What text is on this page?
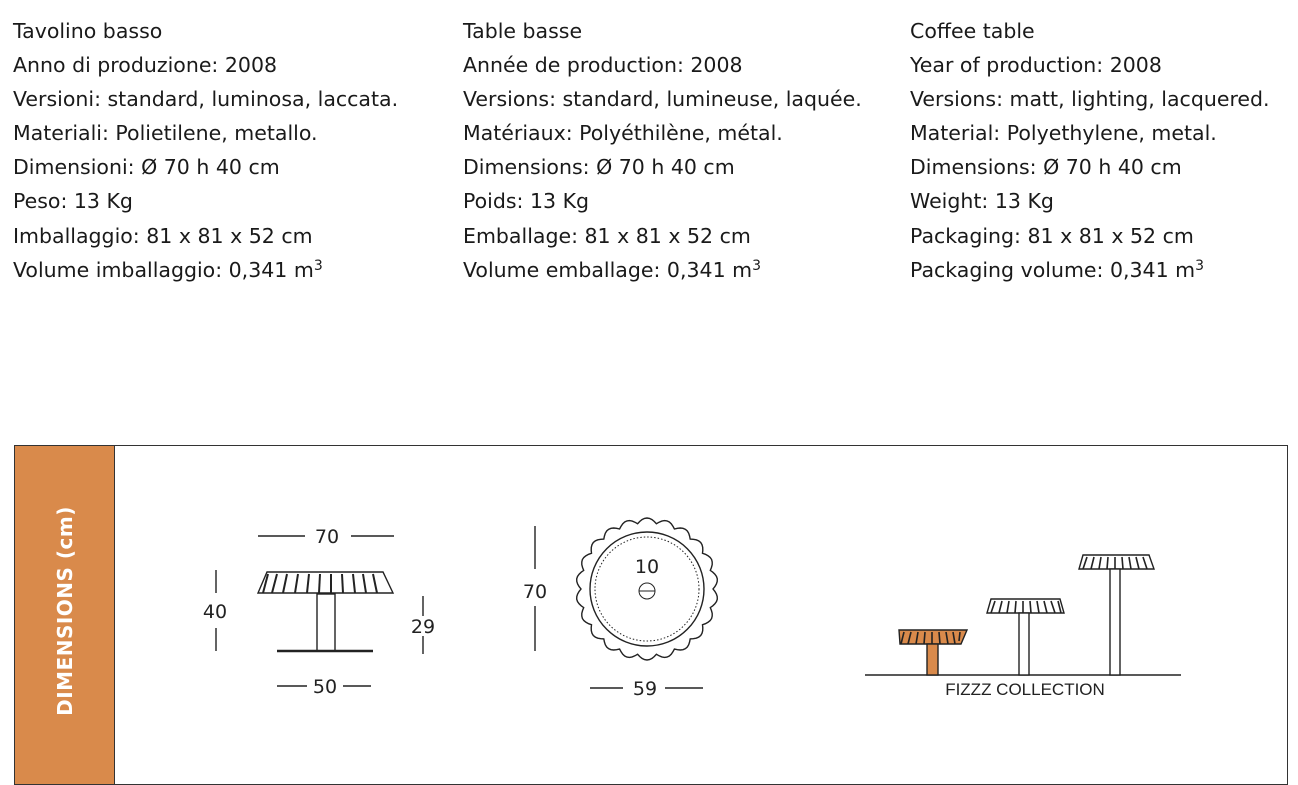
Tavolino basso
Anno di produzione: 2008
Versioni: standard, luminosa, laccata.
Materiali: Polietilene, metallo.
Dimensioni: Ø 70 h 40 cm
Peso: 13 Kg
Imballaggio: 81 x 81 x 52 cm
Volume imballaggio: 0,341 $m^3$
Table basse
Année de production: 2008
Versions: standard, lumineuse, laquée.
Matériaux: Polyéthilène, métal.
Dimensions: Ø 70 h 40 cm
Poids: 13 Kg
Emballage: 81 x 81 x 52 cm
Volume emballage: 0,341 $m^3$
Coffee table
Year of production: 2008
Versions: matt, lighting, lacquered.
Material: Polyethylene, metal.
Dimensions: Ø 70 h 40 cm
Weight: 13 Kg
Packaging: 81 x 81 x 52 cm
Packaging volume: 0,341 $m^3$
DIMENSIONS (cm)	70
40
29
50
70
10
59	FIZZZ COLLECTION
